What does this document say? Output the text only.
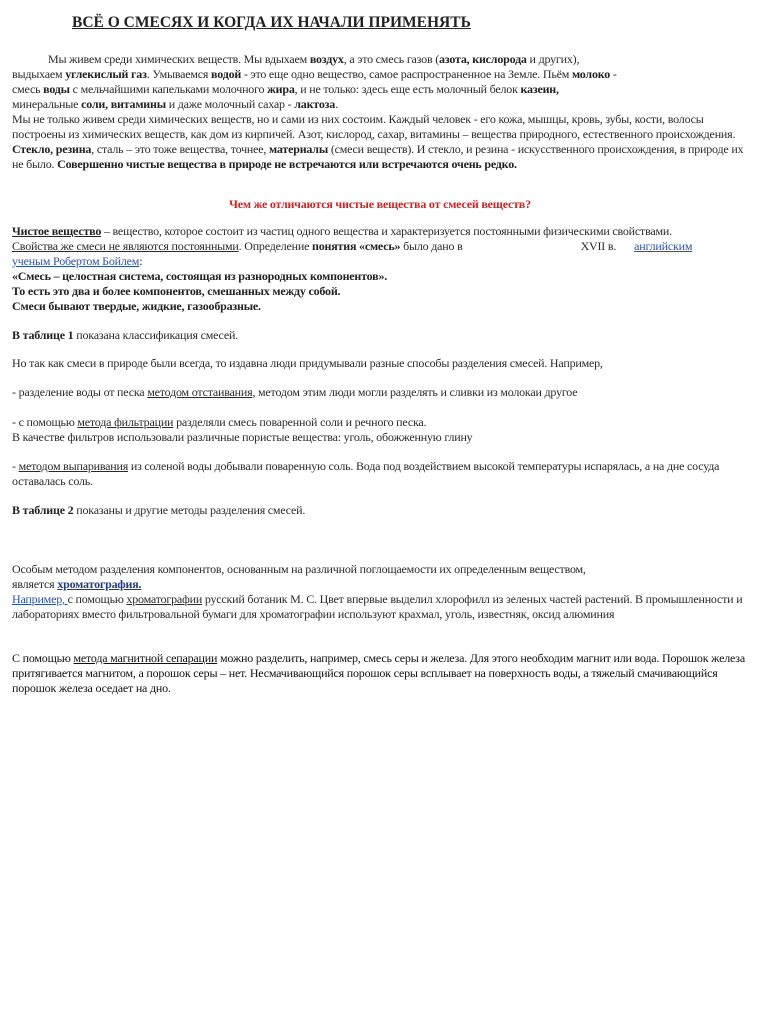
ВСЁ О СМЕСЯХ И КОГДА ИХ НАЧАЛИ ПРИМЕНЯТЬ

Мы живем среди химических веществ. Мы вдыхаем воздух, а это смесь газов (азота, кислорода и других),

выдыхаем углекислый газ. Умываемся водой - это еще одно вещество, самое распространенное на Земле. Пьём молоко -

смесь воды с мельчайшими капельками молочного жира, и не только: здесь еще есть молочный белок казеин,

минеральные соли, витамины и даже молочный сахар - лактоза.

Мы не только живем среди химических веществ, но и сами из них состоим. Каждый человек - его кожа, мышцы, кровь, зубы, кости, волосы построены из химических веществ, как дом из кирпичей. Азот, кислород, сахар, витамины – вещества природного, естественного происхождения. Стекло, резина, сталь – это тоже вещества, точнее, материалы (смеси веществ). И стекло, и резина - искусственного происхождения, в природе их не было. Совершенно чистые вещества в природе не встречаются или встречаются очень редко.

Чем же отличаются чистые вещества от смесей веществ?

Чистое вещество – вещество, которое состоит из частиц одного вещества и характеризуется постоянными физическими свойствами.

Свойства же смеси не являются постоянными. Определение понятия «смесь» было дано в	XVII в. английским

ученым Робертом Бойлем:

«Смесь – целостная система, состоящая из разнородных компонентов».

То есть это два и более компонентов, смешанных между собой.

Смеси бывают твердые, жидкие, газообразные.

В таблице 1 показана классификация смесей.

Но так как смеси в природе были всегда, то издавна люди придумывали разные способы разделения смесей. Например,

- разделение воды от песка методом отстаивания, методом этим люди могли разделять и сливки из молокаи другое

- с помощью метода фильтрации разделяли смесь поваренной соли и речного песка.

В качестве фильтров использовали различные пористые вещества: уголь, обожженную глину

- методом выпаривания из соленой воды добывали поваренную соль. Вода под воздействием высокой температуры испарялась, а на дне сосуда оставалась соль.

В таблице 2 показаны и другие методы разделения смесей.

Особым методом разделения компонентов, основанным на различной поглощаемости их определенным веществом,

является хроматография.

Например, с помощью хроматографии русский ботаник М. С. Цвет впервые выделил хлорофилл из зеленых частей растений. В промышленности и лабораториях вместо фильтровальной бумаги для хроматографии используют крахмал, уголь, известняк, оксид алюминия

С помощью метода магнитной сепарации можно разделить, например, смесь серы и железа. Для этого необходим магнит или вода. Порошок железа притягивается магнитом, а порошок серы – нет. Несмачивающийся порошок серы всплывает на поверхность воды, а тяжелый смачивающийся порошок железа оседает на дно.
